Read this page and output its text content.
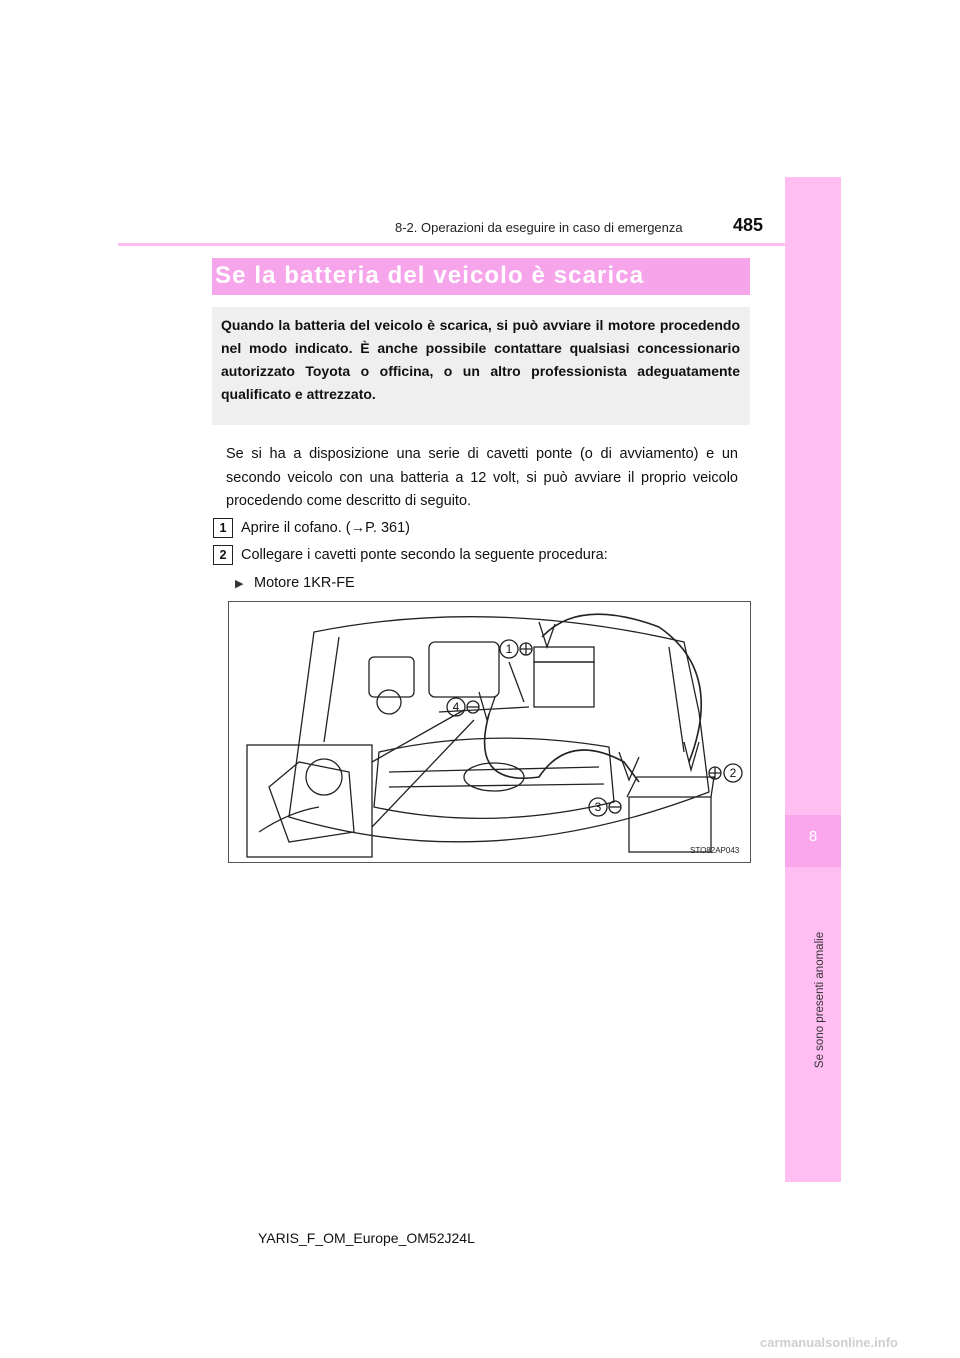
8
Se sono presenti anomalie
8-2. Operazioni da eseguire in caso di emergenza	485
Se la batteria del veicolo è scarica
Quando la batteria del veicolo è scarica, si può avviare il motore procedendo nel modo indicato. È anche possibile contattare qualsiasi concessionario autorizzato Toyota o officina, o un altro professionista adeguatamente qualificato e attrezzato.
Se si ha a disposizione una serie di cavetti ponte (o di avviamento) e un secondo veicolo con una batteria a 12 volt, si può avviare il proprio veicolo procedendo come descritto di seguito.
1	Aprire il cofano. (→P. 361)
2	Collegare i cavetti ponte secondo la seguente procedura:
▶ Motore 1KR-FE
1
2
3
4
STO82AP043
YARIS_F_OM_Europe_OM52J24L
carmanualsonline.info
